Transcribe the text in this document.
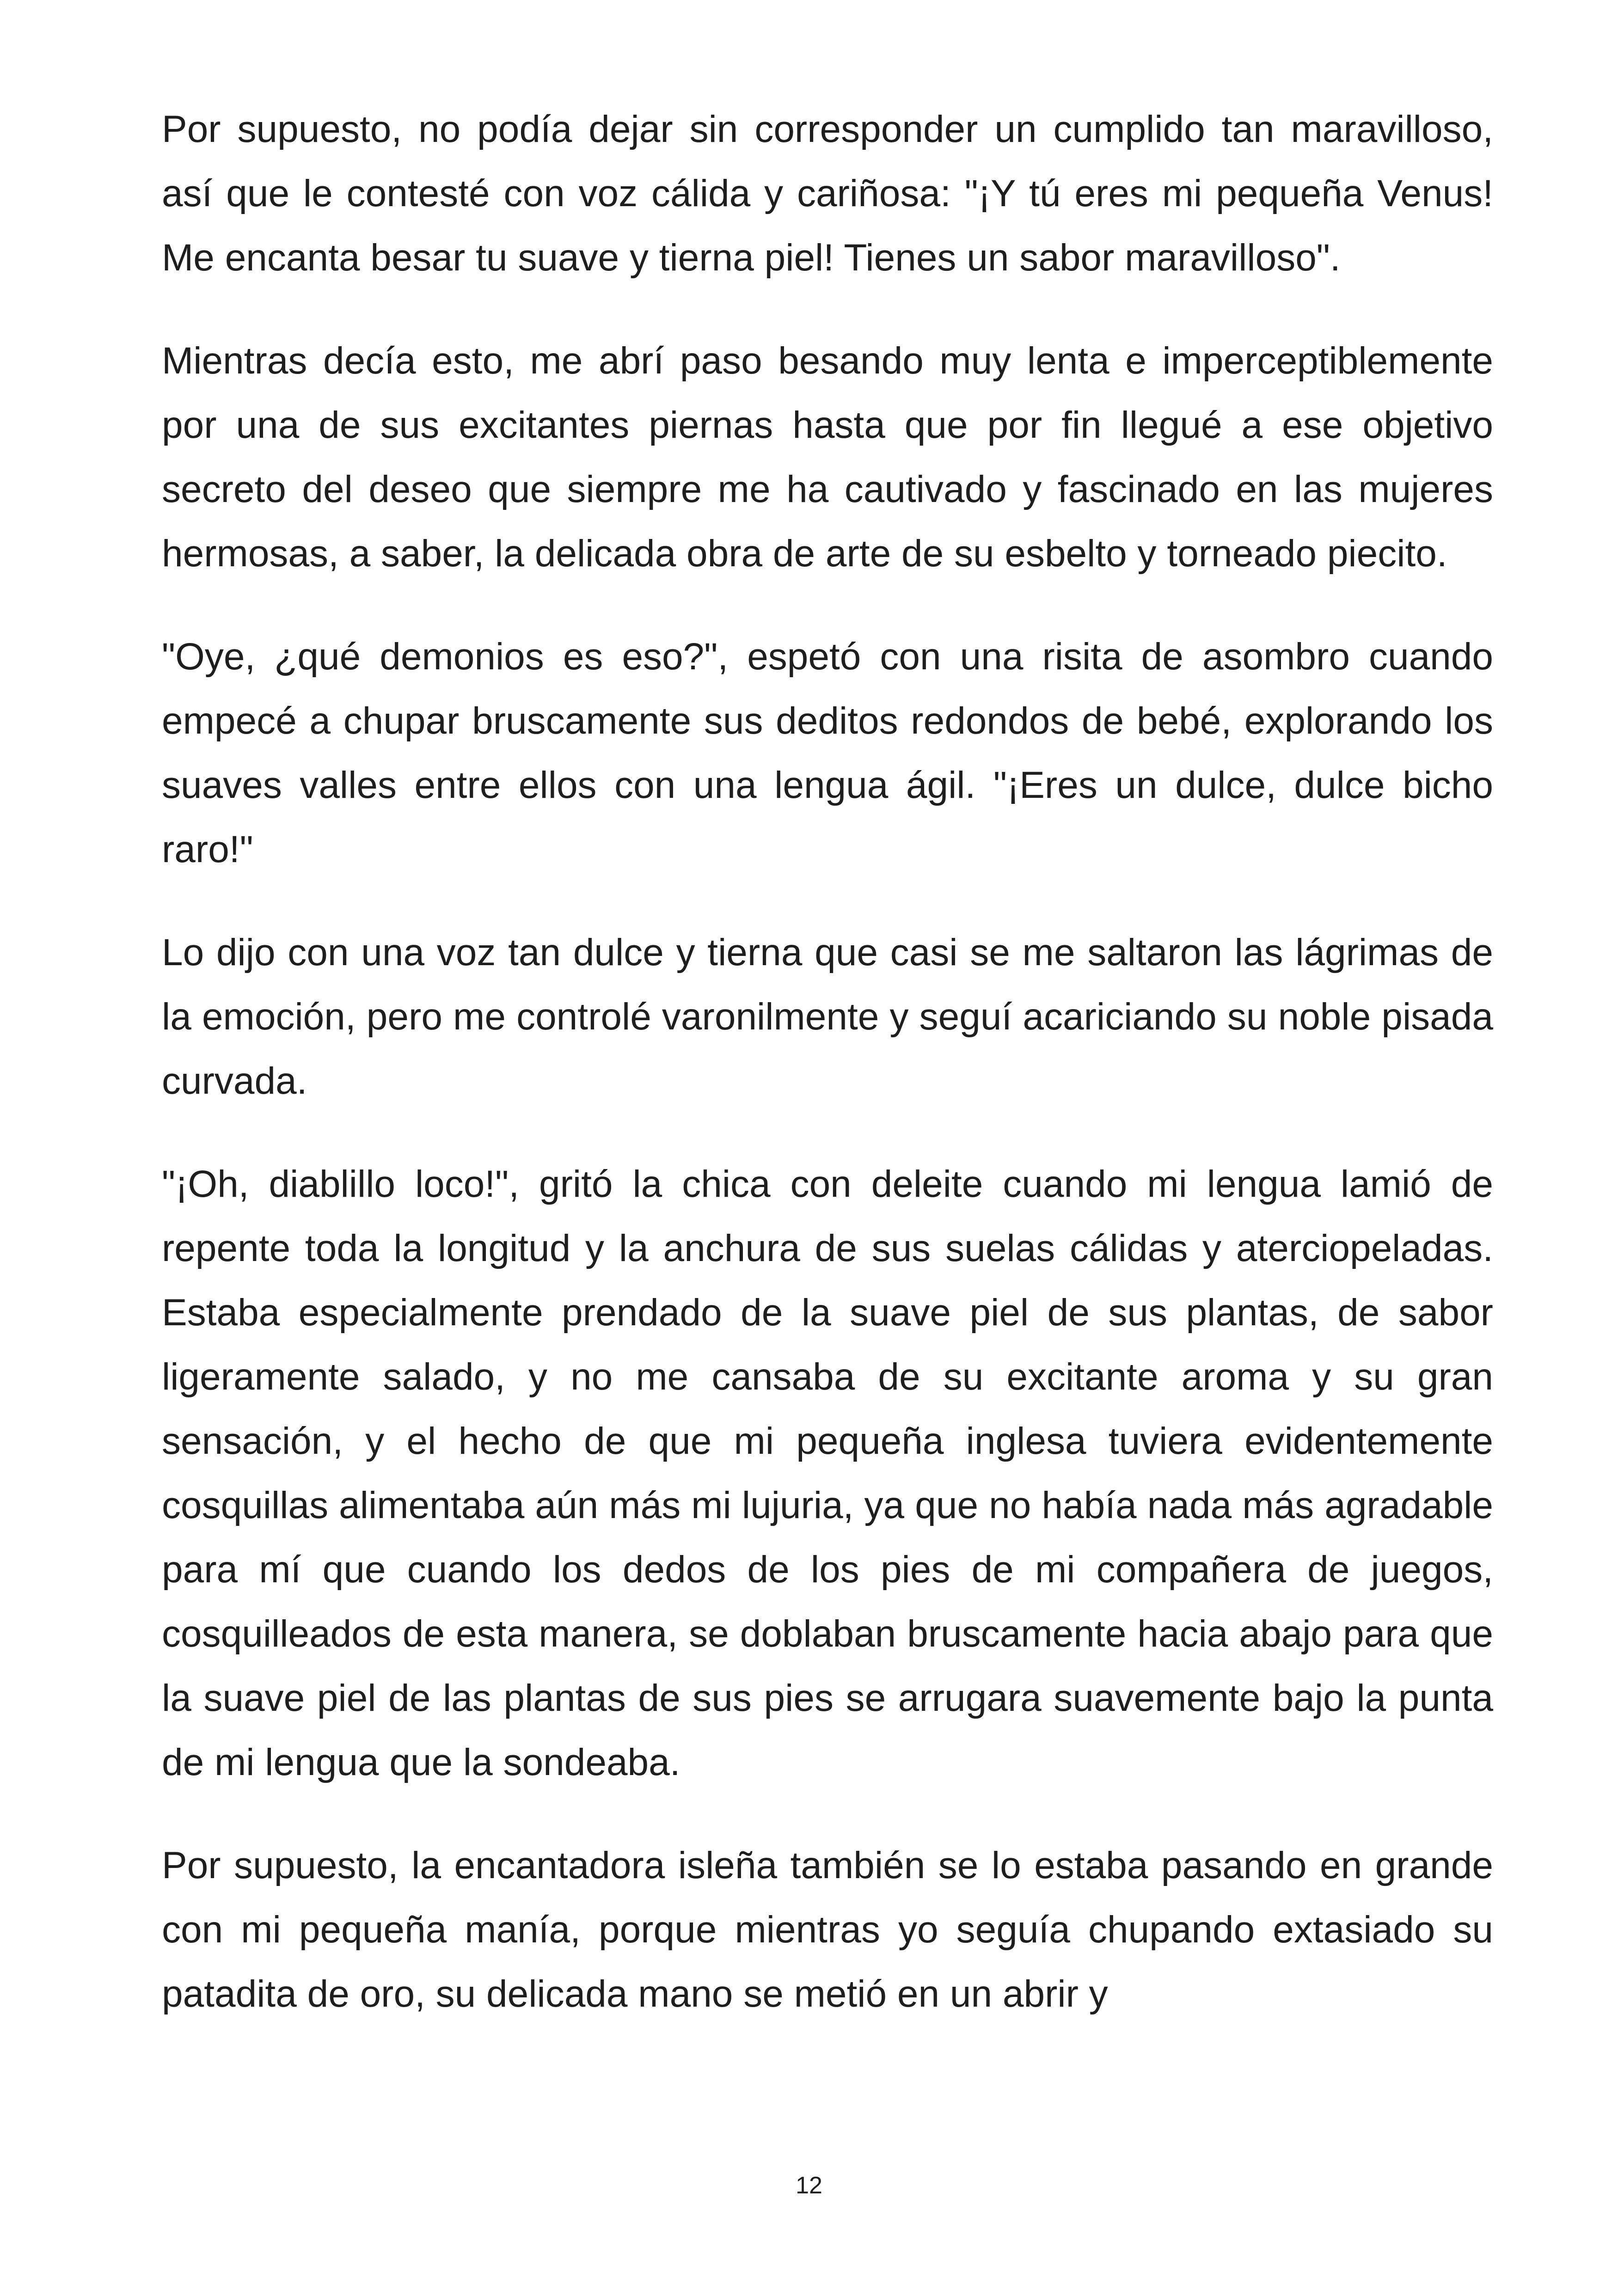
Por supuesto, no podía dejar sin corresponder un cumplido tan maravilloso, así que le contesté con voz cálida y cariñosa: "¡Y tú eres mi pequeña Venus! Me encanta besar tu suave y tierna piel! Tienes un sabor maravilloso".

Mientras decía esto, me abrí paso besando muy lenta e imperceptiblemente por una de sus excitantes piernas hasta que por fin llegué a ese objetivo secreto del deseo que siempre me ha cautivado y fascinado en las mujeres hermosas, a saber, la delicada obra de arte de su esbelto y torneado piecito.

"Oye, ¿qué demonios es eso?", espetó con una risita de asombro cuando empecé a chupar bruscamente sus deditos redondos de bebé, explorando los suaves valles entre ellos con una lengua ágil. "¡Eres un dulce, dulce bicho raro!"

Lo dijo con una voz tan dulce y tierna que casi se me saltaron las lágrimas de la emoción, pero me controlé varonilmente y seguí acariciando su noble pisada curvada.

"¡Oh, diablillo loco!", gritó la chica con deleite cuando mi lengua lamió de repente toda la longitud y la anchura de sus suelas cálidas y aterciopeladas. Estaba especialmente prendado de la suave piel de sus plantas, de sabor ligeramente salado, y no me cansaba de su excitante aroma y su gran sensación, y el hecho de que mi pequeña inglesa tuviera evidentemente cosquillas alimentaba aún más mi lujuria, ya que no había nada más agradable para mí que cuando los dedos de los pies de mi compañera de juegos, cosquilleados de esta manera, se doblaban bruscamente hacia abajo para que la suave piel de las plantas de sus pies se arrugara suavemente bajo la punta de mi lengua que la sondeaba.

Por supuesto, la encantadora isleña también se lo estaba pasando en grande con mi pequeña manía, porque mientras yo seguía chupando extasiado su patadita de oro, su delicada mano se metió en un abrir y

12
